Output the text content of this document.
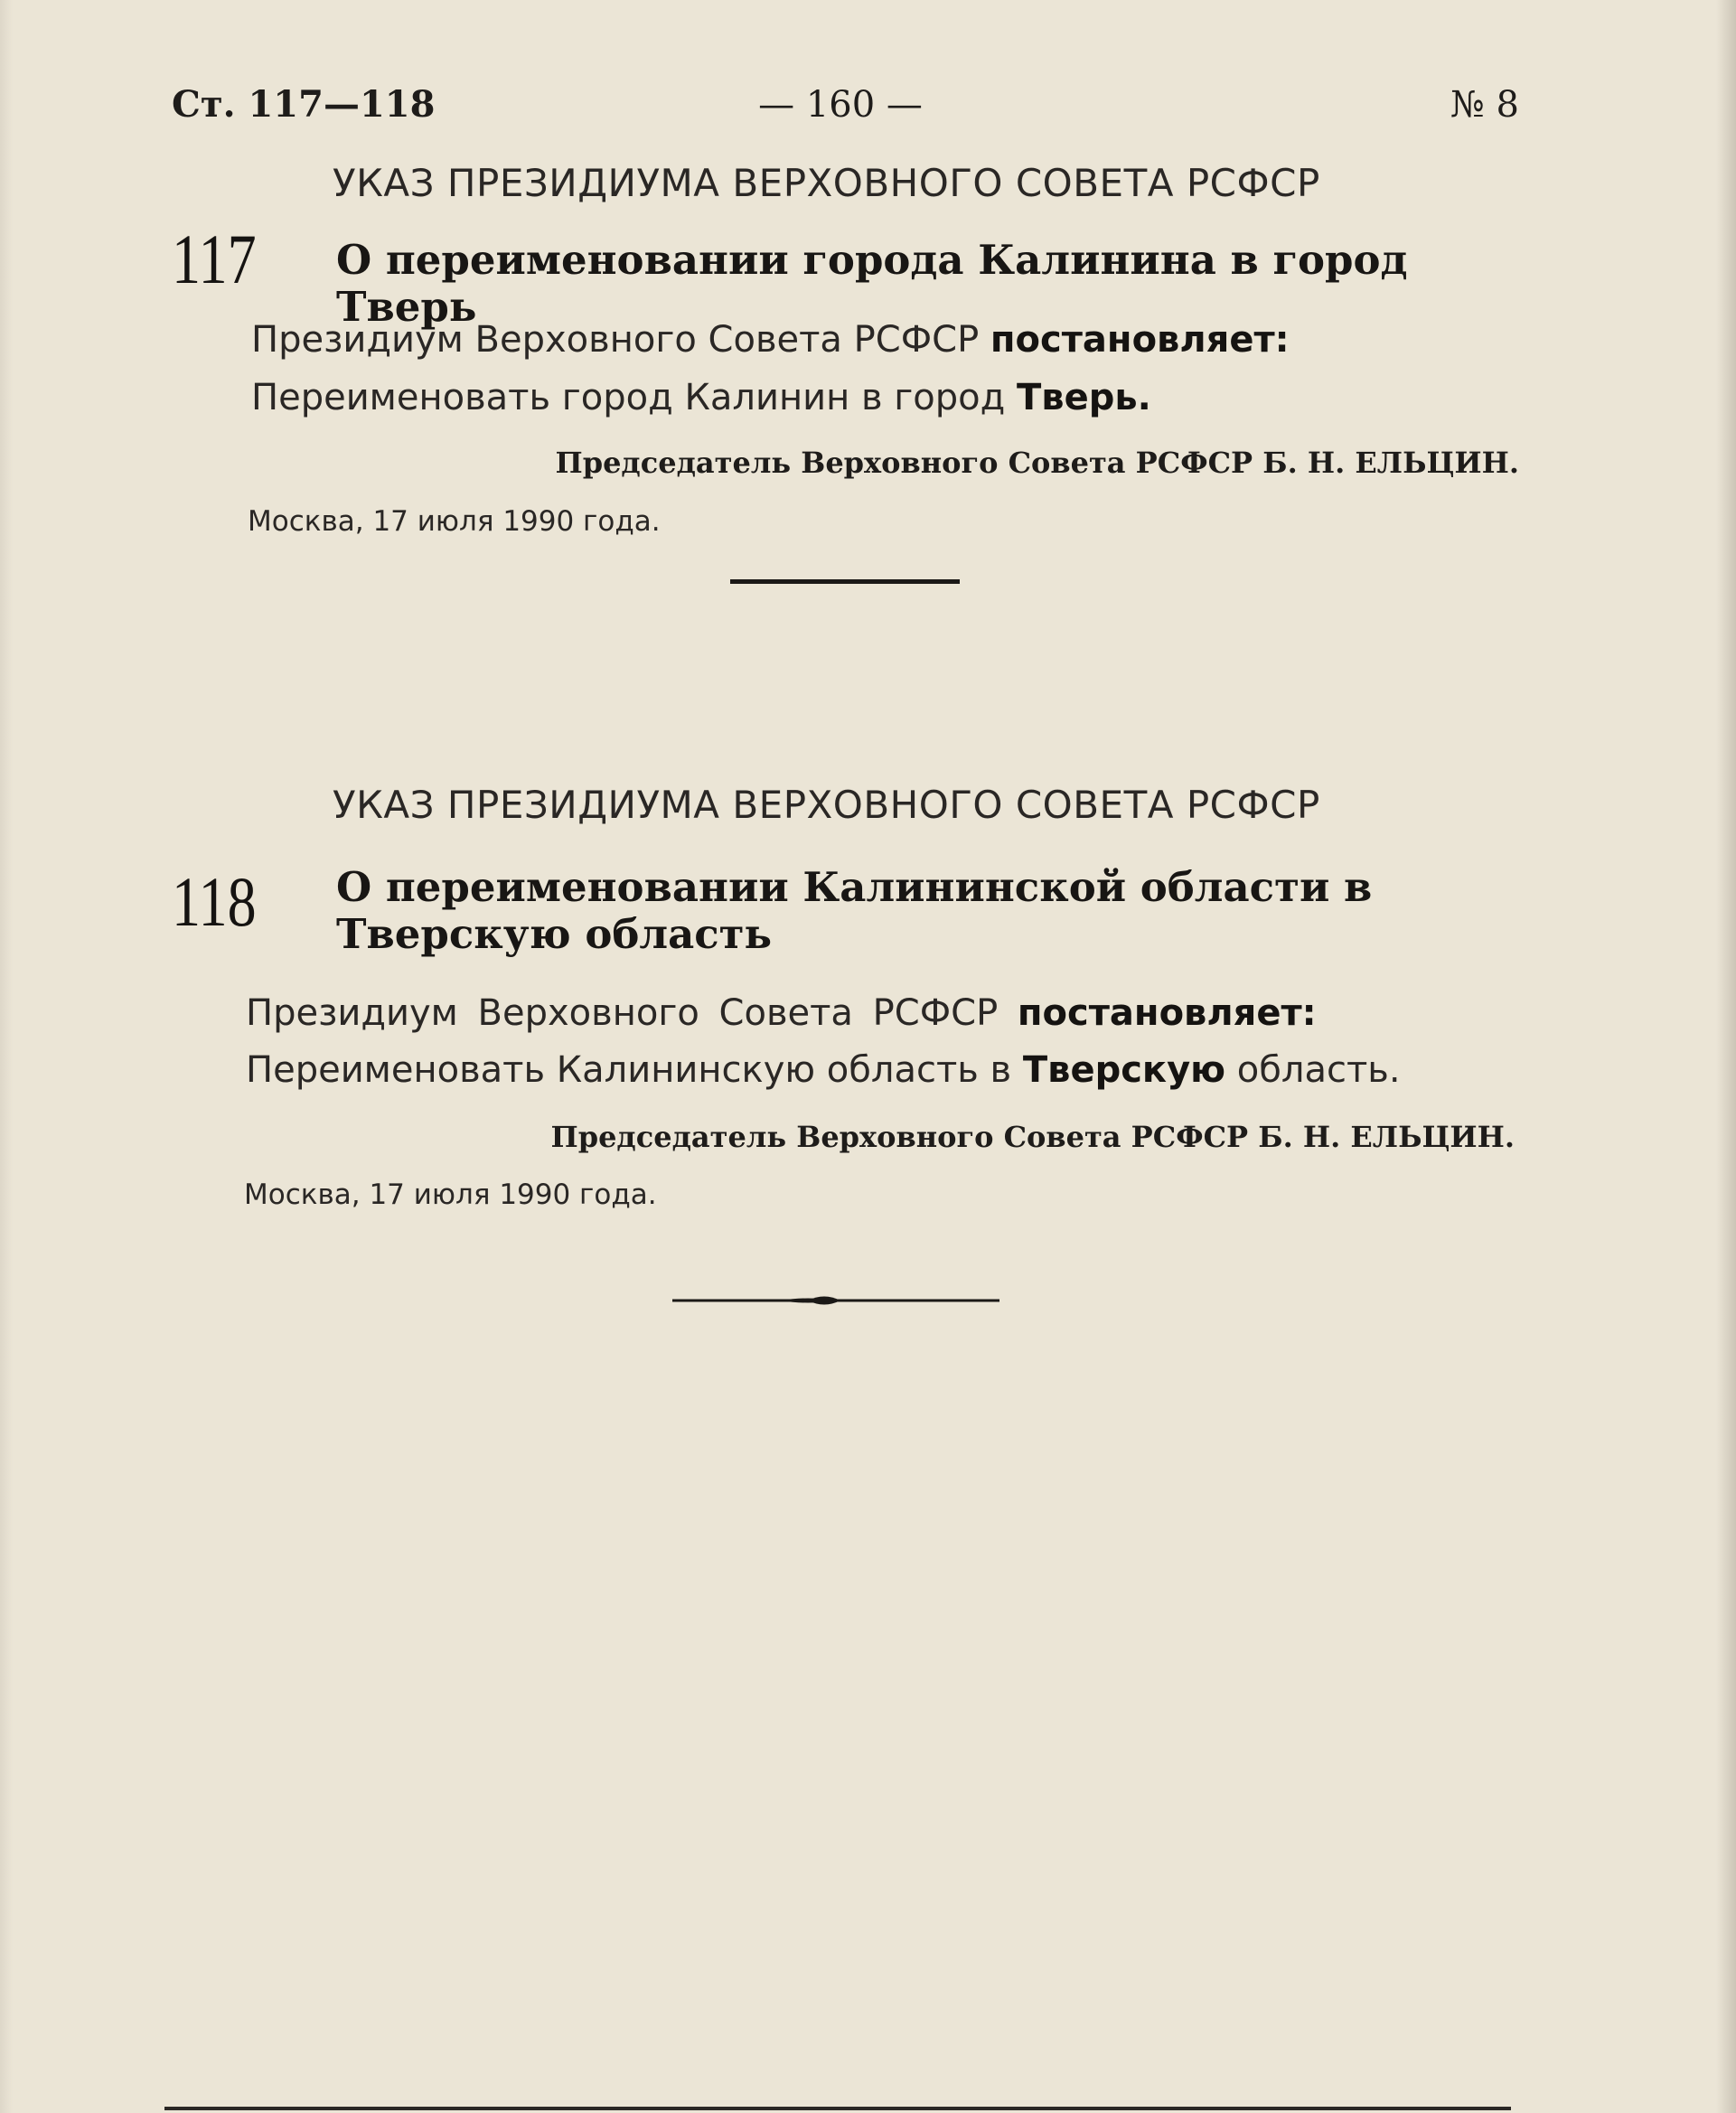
Ст. 117—118	— 160 —	№ 8
УКАЗ ПРЕЗИДИУМА ВЕРХОВНОГО СОВЕТА РСФСР
117 О переименовании города Калинина в город Тверь
Президиум Верховного Совета РСФСР постановляет:
Переименовать город Калинин в город Тверь.
Председатель Верховного Совета РСФСР Б. Н. ЕЛЬЦИН.
Москва, 17 июля 1990 года.
УКАЗ ПРЕЗИДИУМА ВЕРХОВНОГО СОВЕТА РСФСР
118 О переименовании Калининской области в Тверскую область
Президиум Верховного Совета РСФСР постановляет:
Переименовать Калининскую область в Тверскую область.
Председатель Верховного Совета РСФСР Б. Н. ЕЛЬЦИН.
Москва, 17 июля 1990 года.
